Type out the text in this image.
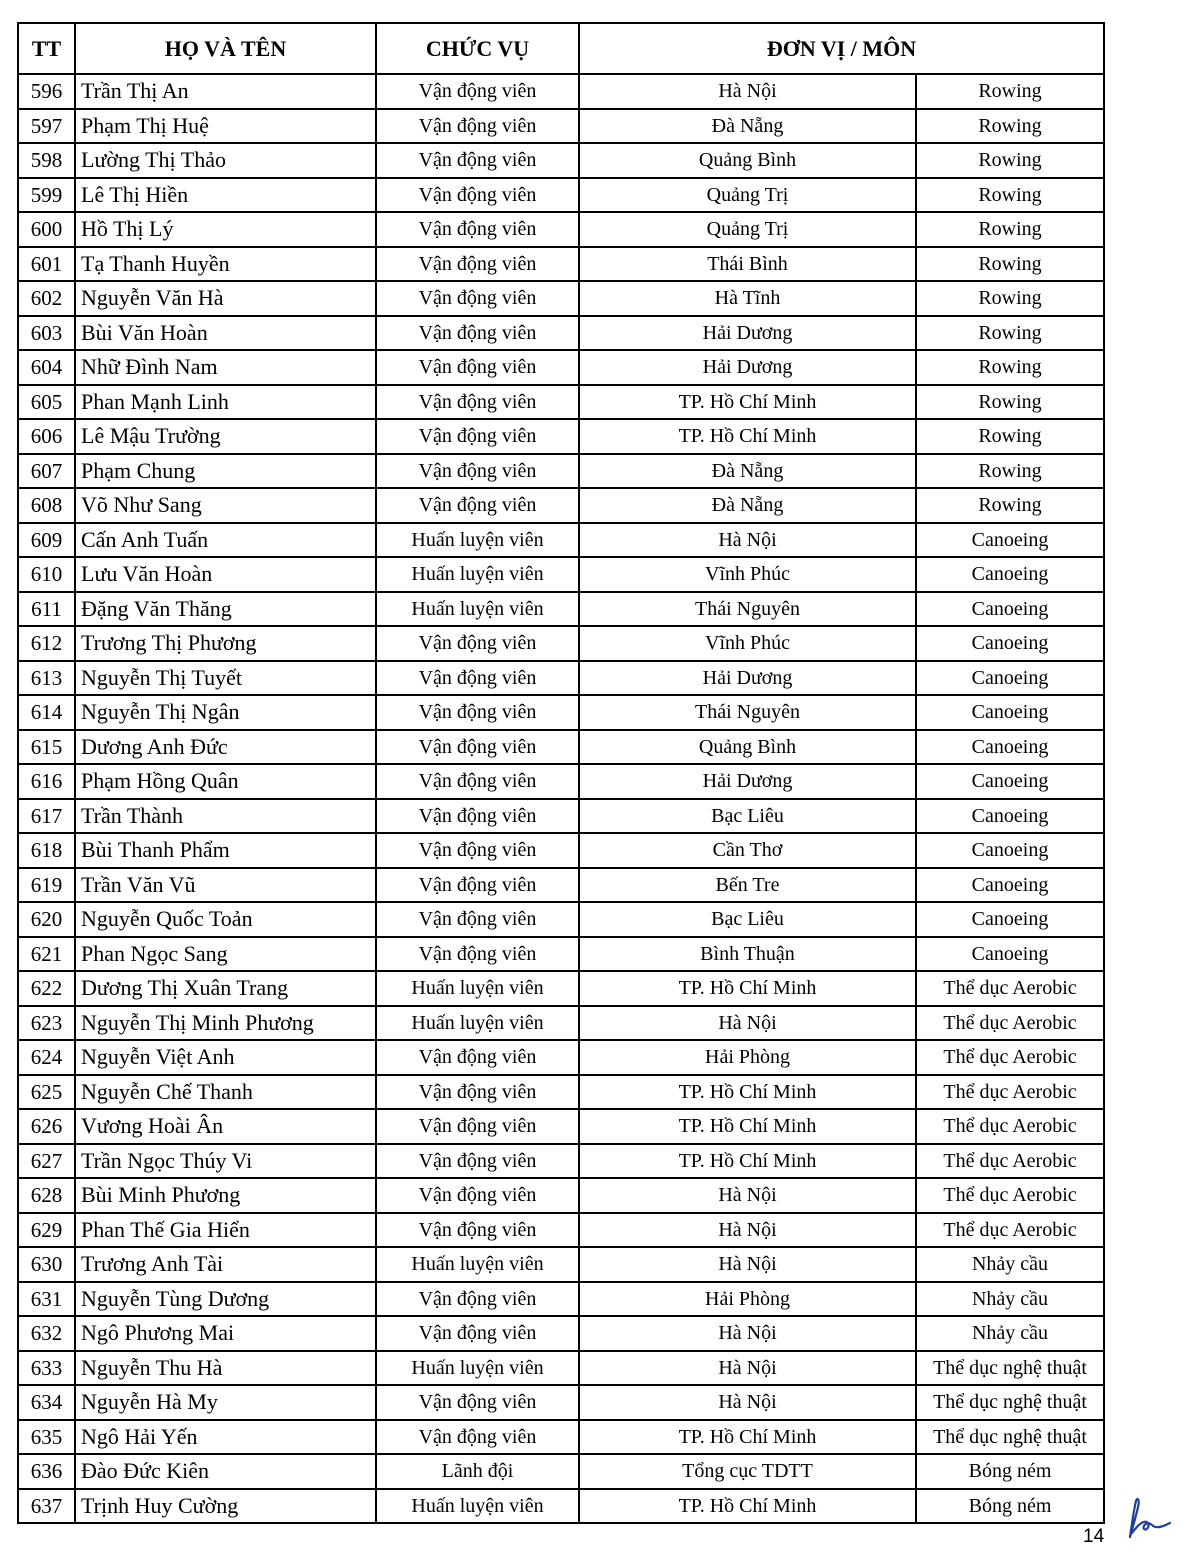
TT	HỌ VÀ TÊN	CHỨC VỤ	ĐƠN VỊ / MÔN	
596	Trần Thị An	Vận động viên	Hà Nội	Rowing
597	Phạm Thị Huệ	Vận động viên	Đà Nẵng	Rowing
598	Lường Thị Thảo	Vận động viên	Quảng Bình	Rowing
599	Lê Thị Hiền	Vận động viên	Quảng Trị	Rowing
600	Hồ Thị Lý	Vận động viên	Quảng Trị	Rowing
601	Tạ Thanh Huyền	Vận động viên	Thái Bình	Rowing
602	Nguyễn Văn Hà	Vận động viên	Hà Tĩnh	Rowing
603	Bùi Văn Hoàn	Vận động viên	Hải Dương	Rowing
604	Nhữ Đình Nam	Vận động viên	Hải Dương	Rowing
605	Phan Mạnh Linh	Vận động viên	TP. Hồ Chí Minh	Rowing
606	Lê Mậu Trường	Vận động viên	TP. Hồ Chí Minh	Rowing
607	Phạm Chung	Vận động viên	Đà Nẵng	Rowing
608	Võ Như Sang	Vận động viên	Đà Nẵng	Rowing
609	Cấn Anh Tuấn	Huấn luyện viên	Hà Nội	Canoeing
610	Lưu Văn Hoàn	Huấn luyện viên	Vĩnh Phúc	Canoeing
611	Đặng Văn Thăng	Huấn luyện viên	Thái Nguyên	Canoeing
612	Trương Thị Phương	Vận động viên	Vĩnh Phúc	Canoeing
613	Nguyễn Thị Tuyết	Vận động viên	Hải Dương	Canoeing
614	Nguyễn Thị Ngân	Vận động viên	Thái Nguyên	Canoeing
615	Dương Anh Đức	Vận động viên	Quảng Bình	Canoeing
616	Phạm Hồng Quân	Vận động viên	Hải Dương	Canoeing
617	Trần Thành	Vận động viên	Bạc Liêu	Canoeing
618	Bùi Thanh Phẩm	Vận động viên	Cần Thơ	Canoeing
619	Trần Văn Vũ	Vận động viên	Bến Tre	Canoeing
620	Nguyễn Quốc Toản	Vận động viên	Bạc Liêu	Canoeing
621	Phan Ngọc Sang	Vận động viên	Bình Thuận	Canoeing
622	Dương Thị Xuân Trang	Huấn luyện viên	TP. Hồ Chí Minh	Thể dục Aerobic
623	Nguyễn Thị Minh Phương	Huấn luyện viên	Hà Nội	Thể dục Aerobic
624	Nguyễn Việt Anh	Vận động viên	Hải Phòng	Thể dục Aerobic
625	Nguyễn Chế Thanh	Vận động viên	TP. Hồ Chí Minh	Thể dục Aerobic
626	Vương Hoài Ân	Vận động viên	TP. Hồ Chí Minh	Thể dục Aerobic
627	Trần Ngọc Thúy Vi	Vận động viên	TP. Hồ Chí Minh	Thể dục Aerobic
628	Bùi Minh Phương	Vận động viên	Hà Nội	Thể dục Aerobic
629	Phan Thế Gia Hiển	Vận động viên	Hà Nội	Thể dục Aerobic
630	Trương Anh Tài	Huấn luyện viên	Hà Nội	Nhảy cầu
631	Nguyễn Tùng Dương	Vận động viên	Hải Phòng	Nhảy cầu
632	Ngô Phương Mai	Vận động viên	Hà Nội	Nhảy cầu
633	Nguyễn Thu Hà	Huấn luyện viên	Hà Nội	Thể dục nghệ thuật
634	Nguyễn Hà My	Vận động viên	Hà Nội	Thể dục nghệ thuật
635	Ngô Hải Yến	Vận động viên	TP. Hồ Chí Minh	Thể dục nghệ thuật
636	Đào Đức Kiên	Lãnh đội	Tổng cục TDTT	Bóng ném
637	Trịnh Huy Cường	Huấn luyện viên	TP. Hồ Chí Minh	Bóng ném
14
